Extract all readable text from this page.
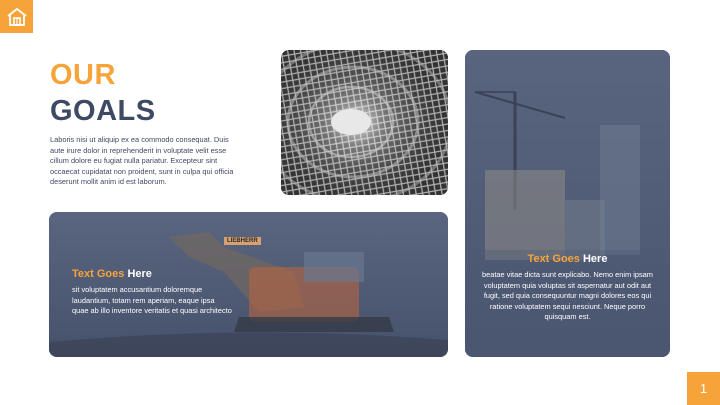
OUR
GOALS
Laboris nisi ut aliquip ex ea commodo consequat. Duis aute irure dolor in reprehenderit in voluptate velit esse cillum dolore eu fugiat nulla pariatur. Excepteur sint occaecat cupidatat non proident, sunt in culpa qui officia deserunt mollit anim id est laborum.
Text Goes Here
sit voluptatem accusantium doloremque laudantium, totam rem aperiam, eaque ipsa quae ab illo inventore veritatis et quasi architecto
LIEBHERR
Text Goes Here
beatae vitae dicta sunt explicabo. Nemo enim ipsam voluptatem quia voluptas sit aspernatur aut odit aut fugit, sed quia consequuntur magni dolores eos qui ratione voluptatem sequi nesciunt. Neque porro quisquam est.
1
